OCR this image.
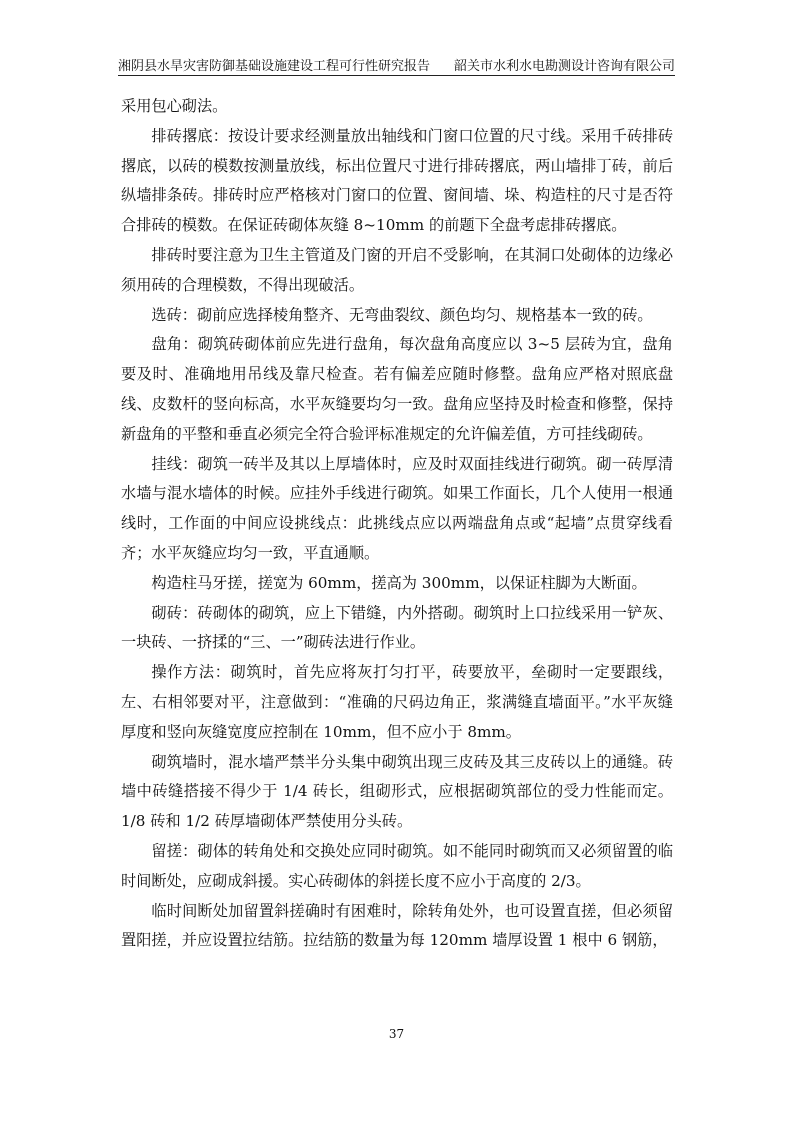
湘阴县水旱灾害防御基础设施建设工程可行性研究报告 韶关市水利水电勘测设计咨询有限公司

采用包心砌法。

排砖撂底：按设计要求经测量放出轴线和门窗口位置的尺寸线。采用千砖排砖撂底，以砖的模数按测量放线，标出位置尺寸进行排砖撂底，两山墙排丁砖，前后纵墙排条砖。排砖时应严格核对门窗口的位置、窗间墙、垛、构造柱的尺寸是否符合排砖的模数。在保证砖砌体灰缝 8~10mm 的前题下全盘考虑排砖撂底。

排砖时要注意为卫生主管道及门窗的开启不受影响，在其洞口处砌体的边缘必须用砖的合理模数，不得出现破活。

选砖：砌前应选择棱角整齐、无弯曲裂纹、颜色均匀、规格基本一致的砖。

盘角：砌筑砖砌体前应先进行盘角，每次盘角高度应以 3~5 层砖为宜，盘角要及时、准确地用吊线及靠尺检查。若有偏差应随时修整。盘角应严格对照底盘线、皮数杆的竖向标高，水平灰缝要均匀一致。盘角应坚持及时检查和修整，保持新盘角的平整和垂直必须完全符合验评标准规定的允许偏差值，方可挂线砌砖。

挂线：砌筑一砖半及其以上厚墙体时，应及时双面挂线进行砌筑。砌一砖厚清水墙与混水墙体的时候。应挂外手线进行砌筑。如果工作面长，几个人使用一根通线时，工作面的中间应设挑线点：此挑线点应以两端盘角点或“起墙”点贯穿线看齐；水平灰缝应均匀一致，平直通顺。

构造柱马牙搓，搓宽为 60mm，搓高为 300mm，以保证柱脚为大断面。

砌砖：砖砌体的砌筑，应上下错缝，内外搭砌。砌筑时上口拉线采用一铲灰、一块砖、一挤揉的“三、一”砌砖法进行作业。

操作方法：砌筑时，首先应将灰打匀打平，砖要放平，垒砌时一定要跟线，左、右相邻要对平，注意做到：“准确的尺码边角正，浆满缝直墙面平。”水平灰缝厚度和竖向灰缝宽度应控制在 10mm，但不应小于 8mm。

砌筑墙时，混水墙严禁半分头集中砌筑出现三皮砖及其三皮砖以上的通缝。砖墙中砖缝搭接不得少于 1/4 砖长，组砌形式，应根据砌筑部位的受力性能而定。1/8 砖和 1/2 砖厚墙砌体严禁使用分头砖。

留搓：砌体的转角处和交换处应同时砌筑。如不能同时砌筑而又必须留置的临时间断处，应砌成斜援。实心砖砌体的斜搓长度不应小于高度的 2/3。

临时间断处加留置斜搓确时有困难时，除转角处外，也可设置直搓，但必须留置阳搓，并应设置拉结筋。拉结筋的数量为每 120mm 墙厚设置 1 根中 6 钢筋，

37
